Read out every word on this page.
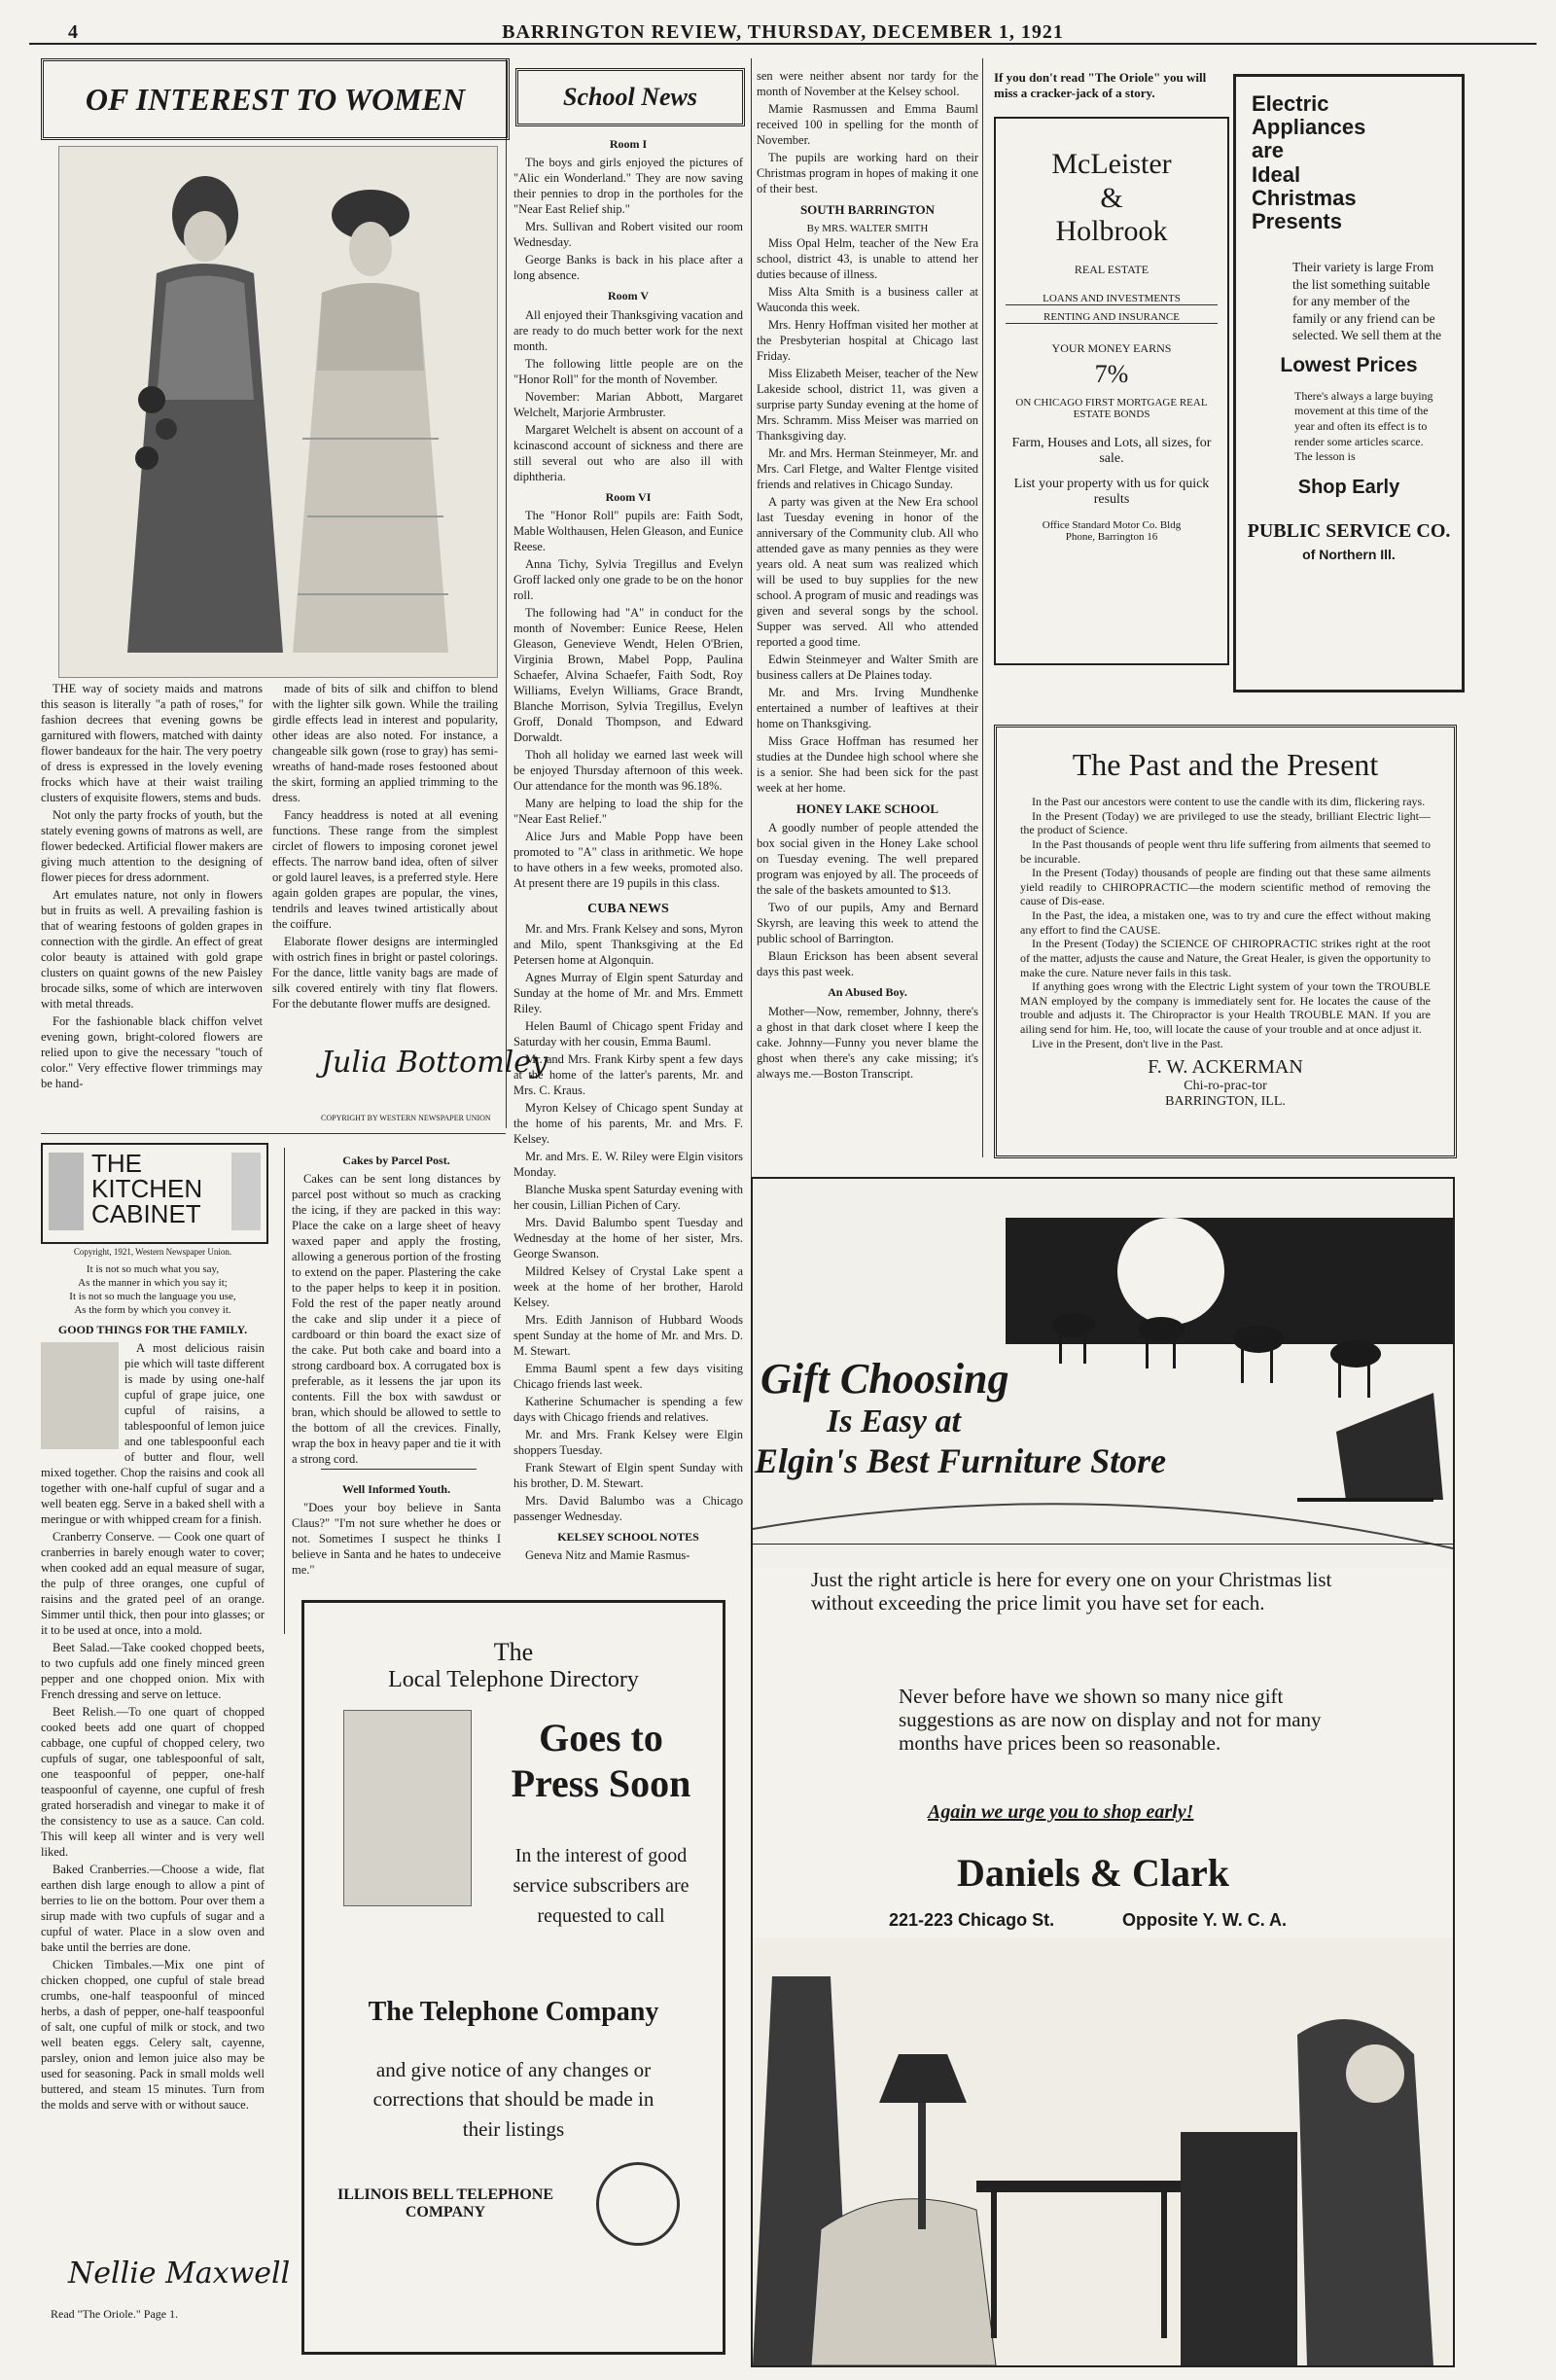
4	BARRINGTON REVIEW, THURSDAY, DECEMBER 1, 1921
OF INTEREST TO WOMEN

THE way of society maids and matrons this season is literally "a path of roses," for fashion decrees that evening gowns be garnitured with flowers, matched with dainty flower bandeaux for the hair. The very poetry of dress is expressed in the lovely evening frocks which have at their waist trailing clusters of exquisite flowers, stems and buds.

Not only the party frocks of youth, but the stately evening gowns of matrons as well, are flower bedecked. Artificial flower makers are giving much attention to the designing of flower pieces for dress adornment.

Art emulates nature, not only in flowers but in fruits as well. A prevailing fashion is that of wearing festoons of golden grapes in connection with the girdle. An effect of great color beauty is attained with gold grape clusters on quaint gowns of the new Paisley brocade silks, some of which are interwoven with metal threads.

For the fashionable black chiffon velvet evening gown, bright-colored flowers are relied upon to give the necessary "touch of color." Very effective flower trimmings may be hand-

made of bits of silk and chiffon to blend with the lighter silk gown. While the trailing girdle effects lead in interest and popularity, other ideas are also noted. For instance, a changeable silk gown (rose to gray) has semi-wreaths of hand-made roses festooned about the skirt, forming an applied trimming to the dress.

Fancy headdress is noted at all evening functions. These range from the simplest circlet of flowers to imposing coronet jewel effects. The narrow band idea, often of silver or gold laurel leaves, is a preferred style. Here again golden grapes are popular, the vines, tendrils and leaves twined artistically about the coiffure.

Elaborate flower designs are intermingled with ostrich fines in bright or pastel colorings. For the dance, little vanity bags are made of silk covered entirely with tiny flat flowers. For the debutante flower muffs are designed.

Julia Bottomley
COPYRIGHT BY WESTERN NEWSPAPER UNION
THE
KITCHEN
CABINET
Copyright, 1921, Western Newspaper Union.
It is not so much what you say,
As the manner in which you say it;
It is not so much the language you use,
As the form by which you convey it.
GOOD THINGS FOR THE FAMILY.

A most delicious raisin pie which will taste different is made by using one-half cupful of grape juice, one cupful of raisins, a tablespoonful of lemon juice and one tablespoonful each of butter and flour, well mixed together. Chop the raisins and cook all together with one-half cupful of sugar and a well beaten egg. Serve in a baked shell with a meringue or with whipped cream for a finish.

Cranberry Conserve. — Cook one quart of cranberries in barely enough water to cover; when cooked add an equal measure of sugar, the pulp of three oranges, one cupful of raisins and the grated peel of an orange. Simmer until thick, then pour into glasses; or it to be used at once, into a mold.

Beet Salad.—Take cooked chopped beets, to two cupfuls add one finely minced green pepper and one chopped onion. Mix with French dressing and serve on lettuce.

Beet Relish.—To one quart of chopped cooked beets add one quart of chopped cabbage, one cupful of chopped celery, two cupfuls of sugar, one tablespoonful of salt, one teaspoonful of pepper, one-half teaspoonful of cayenne, one cupful of fresh grated horseradish and vinegar to make it of the consistency to use as a sauce. Can cold. This will keep all winter and is very well liked.

Baked Cranberries.—Choose a wide, flat earthen dish large enough to allow a pint of berries to lie on the bottom. Pour over them a sirup made with two cupfuls of sugar and a cupful of water. Place in a slow oven and bake until the berries are done.

Chicken Timbales.—Mix one pint of chicken chopped, one cupful of stale bread crumbs, one-half teaspoonful of minced herbs, a dash of pepper, one-half teaspoonful of salt, one cupful of milk or stock, and two well beaten eggs. Celery salt, cayenne, parsley, onion and lemon juice also may be used for seasoning. Pack in small molds well buttered, and steam 15 minutes. Turn from the molds and serve with or without sauce.

Nellie Maxwell
Read "The Oriole." Page 1.
Cakes by Parcel Post.

Cakes can be sent long distances by parcel post without so much as cracking the icing, if they are packed in this way: Place the cake on a large sheet of heavy waxed paper and apply the frosting, allowing a generous portion of the frosting to extend on the paper. Plastering the cake to the paper helps to keep it in position. Fold the rest of the paper neatly around the cake and slip under it a piece of cardboard or thin board the exact size of the cake. Put both cake and board into a strong cardboard box. A corrugated box is preferable, as it lessens the jar upon its contents. Fill the box with sawdust or bran, which should be allowed to settle to the bottom of all the crevices. Finally, wrap the box in heavy paper and tie it with a strong cord.

Well Informed Youth.

"Does your boy believe in Santa Claus?" "I'm not sure whether he does or not. Sometimes I suspect he thinks I believe in Santa and he hates to undeceive me."

The
Local Telephone Directory
Goes to
Press Soon
In the interest of good
service subscribers are
requested to call
The Telephone Company
and give notice of any changes or
corrections that should be made in
their listings
ILLINOIS BELL TELEPHONE
COMPANY
School News
Room I

The boys and girls enjoyed the pictures of "Alic ein Wonderland." They are now saving their pennies to drop in the portholes for the "Near East Relief ship."

Mrs. Sullivan and Robert visited our room Wednesday.

George Banks is back in his place after a long absence.

Room V

All enjoyed their Thanksgiving vacation and are ready to do much better work for the next month.

The following little people are on the "Honor Roll" for the month of November.

November: Marian Abbott, Margaret Welchelt, Marjorie Armbruster.

Margaret Welchelt is absent on account of a kcinascond account of sickness and there are still several out who are also ill with diphtheria.

Room VI

The "Honor Roll" pupils are: Faith Sodt, Mable Wolthausen, Helen Gleason, and Eunice Reese.

Anna Tichy, Sylvia Tregillus and Evelyn Groff lacked only one grade to be on the honor roll.

The following had "A" in conduct for the month of November: Eunice Reese, Helen Gleason, Genevieve Wendt, Helen O'Brien, Virginia Brown, Mabel Popp, Paulina Schaefer, Alvina Schaefer, Faith Sodt, Roy Williams, Evelyn Williams, Grace Brandt, Blanche Morrison, Sylvia Tregillus, Evelyn Groff, Donald Thompson, and Edward Dorwaldt.

Thoh all holiday we earned last week will be enjoyed Thursday afternoon of this week. Our attendance for the month was 96.18%.

Many are helping to load the ship for the "Near East Relief."

Alice Jurs and Mable Popp have been promoted to "A" class in arithmetic. We hope to have others in a few weeks, promoted also. At present there are 19 pupils in this class.

CUBA NEWS

Mr. and Mrs. Frank Kelsey and sons, Myron and Milo, spent Thanksgiving at the Ed Petersen home at Algonquin.

Agnes Murray of Elgin spent Saturday and Sunday at the home of Mr. and Mrs. Emmett Riley.

Helen Bauml of Chicago spent Friday and Saturday with her cousin, Emma Bauml.

Mr. and Mrs. Frank Kirby spent a few days at the home of the latter's parents, Mr. and Mrs. C. Kraus.

Myron Kelsey of Chicago spent Sunday at the home of his parents, Mr. and Mrs. F. Kelsey.

Mr. and Mrs. E. W. Riley were Elgin visitors Monday.

Blanche Muska spent Saturday evening with her cousin, Lillian Pichen of Cary.

Mrs. David Balumbo spent Tuesday and Wednesday at the home of her sister, Mrs. George Swanson.

Mildred Kelsey of Crystal Lake spent a week at the home of her brother, Harold Kelsey.

Mrs. Edith Jannison of Hubbard Woods spent Sunday at the home of Mr. and Mrs. D. M. Stewart.

Emma Bauml spent a few days visiting Chicago friends last week.

Katherine Schumacher is spending a few days with Chicago friends and relatives.

Mr. and Mrs. Frank Kelsey were Elgin shoppers Tuesday.

Frank Stewart of Elgin spent Sunday with his brother, D. M. Stewart.

Mrs. David Balumbo was a Chicago passenger Wednesday.

KELSEY SCHOOL NOTES

Geneva Nitz and Mamie Rasmus-

sen were neither absent nor tardy for the month of November at the Kelsey school.

Mamie Rasmussen and Emma Bauml received 100 in spelling for the month of November.

The pupils are working hard on their Christmas program in hopes of making it one of their best.

SOUTH BARRINGTON
By MRS. WALTER SMITH

Miss Opal Helm, teacher of the New Era school, district 43, is unable to attend her duties because of illness.

Miss Alta Smith is a business caller at Wauconda this week.

Mrs. Henry Hoffman visited her mother at the Presbyterian hospital at Chicago last Friday.

Miss Elizabeth Meiser, teacher of the New Lakeside school, district 11, was given a surprise party Sunday evening at the home of Mrs. Schramm. Miss Meiser was married on Thanksgiving day.

Mr. and Mrs. Herman Steinmeyer, Mr. and Mrs. Carl Fletge, and Walter Flentge visited friends and relatives in Chicago Sunday.

A party was given at the New Era school last Tuesday evening in honor of the anniversary of the Community club. All who attended gave as many pennies as they were years old. A neat sum was realized which will be used to buy supplies for the new school. A program of music and readings was given and several songs by the school. Supper was served. All who attended reported a good time.

Edwin Steinmeyer and Walter Smith are business callers at De Plaines today.

Mr. and Mrs. Irving Mundhenke entertained a number of leaftives at their home on Thanksgiving.

Miss Grace Hoffman has resumed her studies at the Dundee high school where she is a senior. She had been sick for the past week at her home.

HONEY LAKE SCHOOL

A goodly number of people attended the box social given in the Honey Lake school on Tuesday evening. The well prepared program was enjoyed by all. The proceeds of the sale of the baskets amounted to $13.

Two of our pupils, Amy and Bernard Skyrsh, are leaving this week to attend the public school of Barrington.

Blaun Erickson has been absent several days this past week.

An Abused Boy.

Mother—Now, remember, Johnny, there's a ghost in that dark closet where I keep the cake. Johnny—Funny you never blame the ghost when there's any cake missing; it's always me.—Boston Transcript.

If you don't read "The Oriole" you will miss a cracker-jack of a story.
McLeister
&
Holbrook
REAL ESTATE
LOANS AND INVESTMENTS
RENTING AND INSURANCE
YOUR MONEY EARNS
7%
ON CHICAGO FIRST MORTGAGE REAL ESTATE BONDS
Farm, Houses and Lots, all sizes, for sale.
List your property with us for quick results
Office Standard Motor Co. Bldg
Phone, Barrington 16
Electric
Appliances
are
Ideal
Christmas
Presents
Their variety is large From the list something suitable for any member of the family or any friend can be selected. We sell them at the
Lowest Prices
There's always a large buying movement at this time of the year and often its effect is to render some articles scarce. The lesson is
Shop Early
PUBLIC SERVICE CO.
of Northern Ill.
The Past and the Present

In the Past our ancestors were content to use the candle with its dim, flickering rays.

In the Present (Today) we are privileged to use the steady, brilliant Electric light—the product of Science.

In the Past thousands of people went thru life suffering from ailments that seemed to be incurable.

In the Present (Today) thousands of people are finding out that these same ailments yield readily to CHIROPRACTIC—the modern scientific method of removing the cause of Dis-ease.

In the Past, the idea, a mistaken one, was to try and cure the effect without making any effort to find the CAUSE.

In the Present (Today) the SCIENCE OF CHIROPRACTIC strikes right at the root of the matter, adjusts the cause and Nature, the Great Healer, is given the opportunity to make the cure. Nature never fails in this task.

If anything goes wrong with the Electric Light system of your town the TROUBLE MAN employed by the company is immediately sent for. He locates the cause of the trouble and adjusts it. The Chiropractor is your Health TROUBLE MAN. If you are ailing send for him. He, too, will locate the cause of your trouble and at once adjust it.

Live in the Present, don't live in the Past.

F. W. ACKERMAN
Chi-ro-prac-tor
BARRINGTON, ILL.
Gift Choosing
Is Easy at
Elgin's Best Furniture Store
Just the right article is here for every one on your Christmas list without exceeding the price limit you have set for each.
Never before have we shown so many nice gift suggestions as are now on display and not for many months have prices been so reasonable.
Again we urge you to shop early!
Daniels & Clark
221-223 Chicago St.	Opposite Y. W. C. A.
